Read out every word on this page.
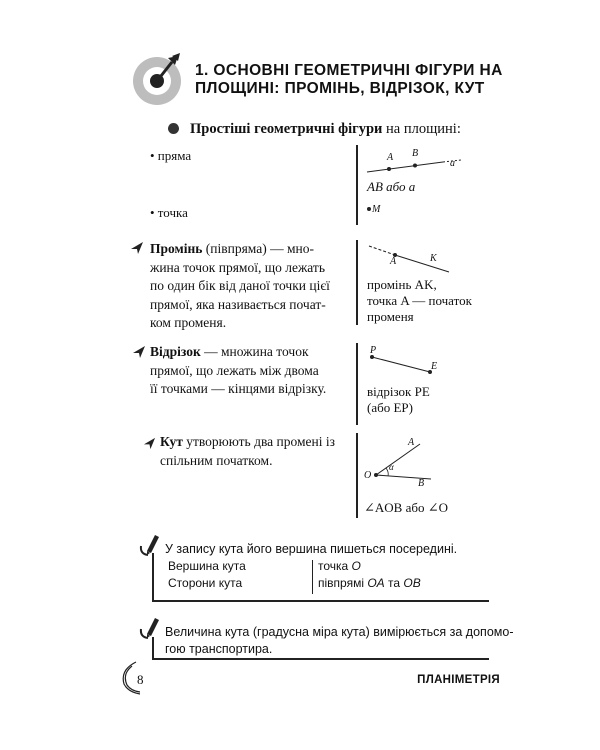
1. ОСНОВНІ ГЕОМЕТРИЧНІ ФІГУРИ НА
ПЛОЩИНІ: ПРОМІНЬ, ВІДРІЗОК, КУТ
Простіші геометричні фігури на площині:
• пряма
• точка
A B
a
AB або a
M
Промінь (півпряма) — мно-
жина точок прямої, що лежать
по один бік від даної точки цієї
прямої, яка називається почат-
ком променя.
A	K
промінь AK,
точка A — початок
променя
Відрізок — множина точок
прямої, що лежать між двома
її точками — кінцями відрізку.
P
E
відрізок PE
(або EP)
Кут утворюють два промені із
спільним початком.
A
O
α
B
∠AOB або ∠O
У запису кута його вершина пишеться посередині.
Вершина кута
Сторони кута
точка O
півпрямі OA та OB
Величина кута (градусна міра кута) вимірюється за допомо-
гою транспортира.
8	ПЛАНІМЕТРІЯ
